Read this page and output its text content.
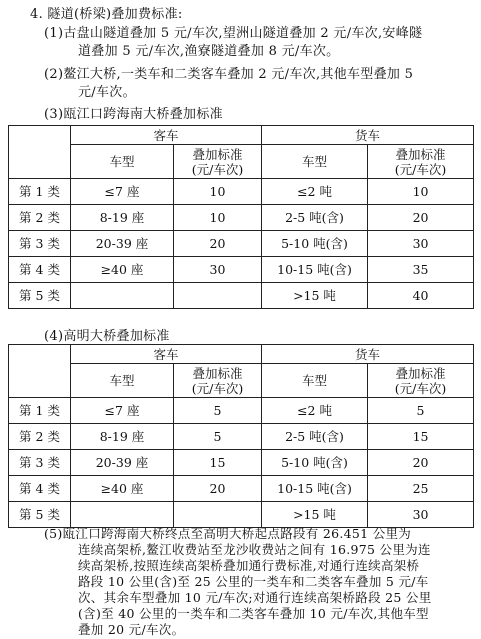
4. 隧道(桥梁)叠加费标准:
(1)古盘山隧道叠加 5 元/车次,望洲山隧道叠加 2 元/车次,安峰隧
道叠加 5 元/车次,渔寮隧道叠加 8 元/车次。
(2)鳌江大桥,一类车和二类客车叠加 2 元/车次,其他车型叠加 5
元/车次。
(3)瓯江口跨海南大桥叠加标准
	客车		货车	
	车型	叠加标准
(元/车次)	车型	叠加标准
(元/车次)
第 1 类	≤7 座	10	≤2 吨	10
第 2 类	8-19 座	10	2-5 吨(含)	20
第 3 类	20-39 座	20	5-10 吨(含)	30
第 4 类	≥40 座	30	10-15 吨(含)	35
第 5 类			>15 吨	40
(4)高明大桥叠加标准
	客车		货车	
	车型	叠加标准
(元/车次)	车型	叠加标准
(元/车次)
第 1 类	≤7 座	5	≤2 吨	5
第 2 类	8-19 座	5	2-5 吨(含)	15
第 3 类	20-39 座	15	5-10 吨(含)	20
第 4 类	≥40 座	20	10-15 吨(含)	25
第 5 类			>15 吨	30
(5)瓯江口跨海南大桥终点至高明大桥起点路段有 26.451 公里为
连续高架桥,鳌江收费站至龙沙收费站之间有 16.975 公里为连
续高架桥,按照连续高架桥叠加通行费标准,对通行连续高架桥
路段 10 公里(含)至 25 公里的一类车和二类客车叠加 5 元/车
次、其余车型叠加 10 元/车次;对通行连续高架桥路段 25 公里
(含)至 40 公里的一类车和二类客车叠加 10 元/车次,其他车型
叠加 20 元/车次。
